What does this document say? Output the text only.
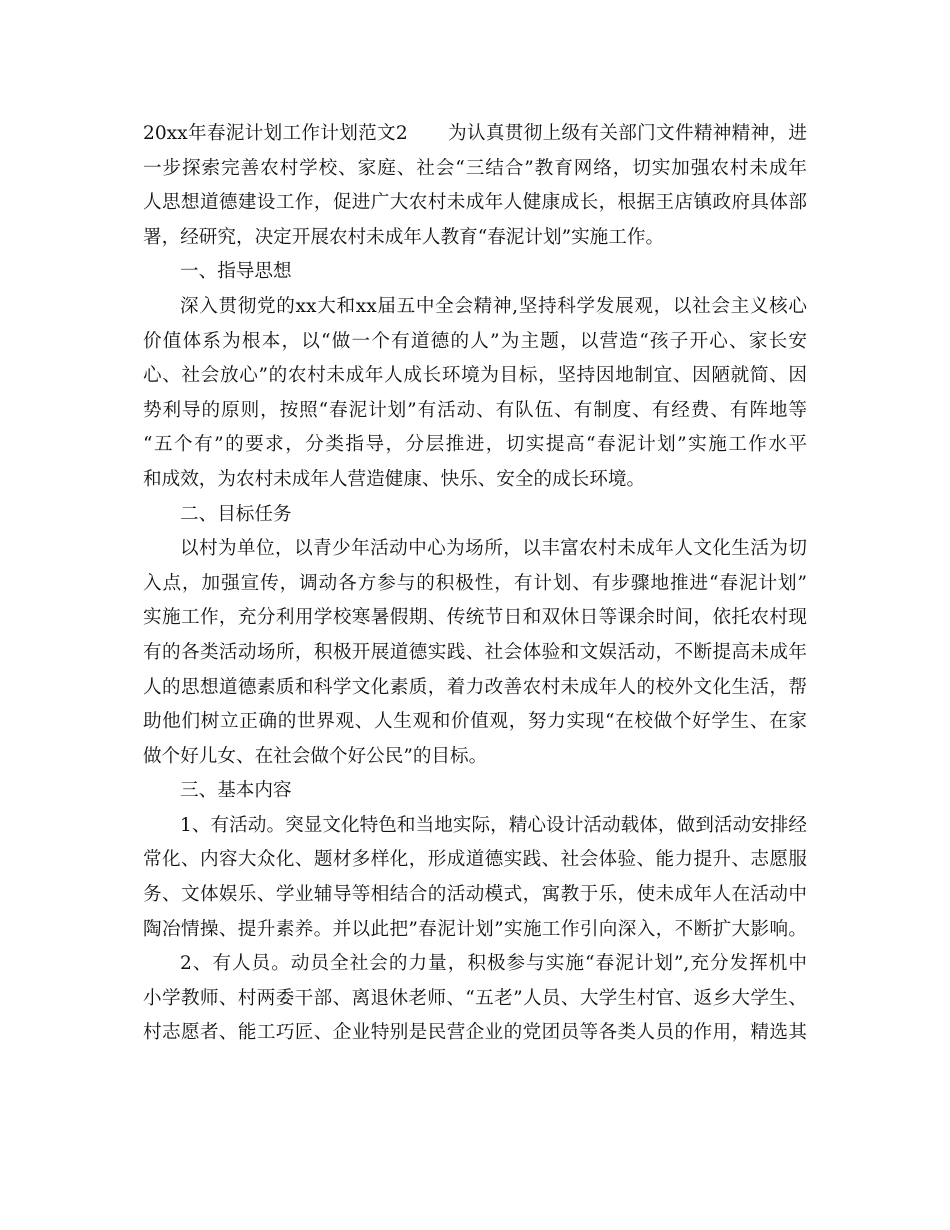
20xx年春泥计划工作计划范文2 为认真贯彻上级有关部门文件精神精神，进
一步探索完善农村学校、家庭、社会“三结合”教育网络，切实加强农村未成年
人思想道德建设工作，促进广大农村未成年人健康成长，根据王店镇政府具体部
署，经研究，决定开展农村未成年人教育“春泥计划”实施工作。
一、指导思想
深入贯彻党的xx大和xx届五中全会精神,坚持科学发展观，以社会主义核心
价值体系为根本，以“做一个有道德的人”为主题，以营造“孩子开心、家长安
心、社会放心”的农村未成年人成长环境为目标，坚持因地制宜、因陋就简、因
势利导的原则，按照“春泥计划”有活动、有队伍、有制度、有经费、有阵地等
“五个有”的要求，分类指导，分层推进，切实提高“春泥计划”实施工作水平
和成效，为农村未成年人营造健康、快乐、安全的成长环境。
二、目标任务
以村为单位，以青少年活动中心为场所，以丰富农村未成年人文化生活为切
入点，加强宣传，调动各方参与的积极性，有计划、有步骤地推进“春泥计划”
实施工作，充分利用学校寒暑假期、传统节日和双休日等课余时间，依托农村现
有的各类活动场所，积极开展道德实践、社会体验和文娱活动，不断提高未成年
人的思想道德素质和科学文化素质，着力改善农村未成年人的校外文化生活，帮
助他们树立正确的世界观、人生观和价值观，努力实现“在校做个好学生、在家
做个好儿女、在社会做个好公民”的目标。
三、基本内容
1、有活动。突显文化特色和当地实际，精心设计活动载体，做到活动安排经
常化、内容大众化、题材多样化，形成道德实践、社会体验、能力提升、志愿服
务、文体娱乐、学业辅导等相结合的活动模式，寓教于乐，使未成年人在活动中
陶冶情操、提升素养。并以此把”春泥计划”实施工作引向深入，不断扩大影响。
2、有人员。动员全社会的力量，积极参与实施“春泥计划”,充分发挥机中
小学教师、村两委干部、离退休老师、“五老”人员、大学生村官、返乡大学生、
村志愿者、能工巧匠、企业特别是民营企业的党团员等各类人员的作用，精选其
